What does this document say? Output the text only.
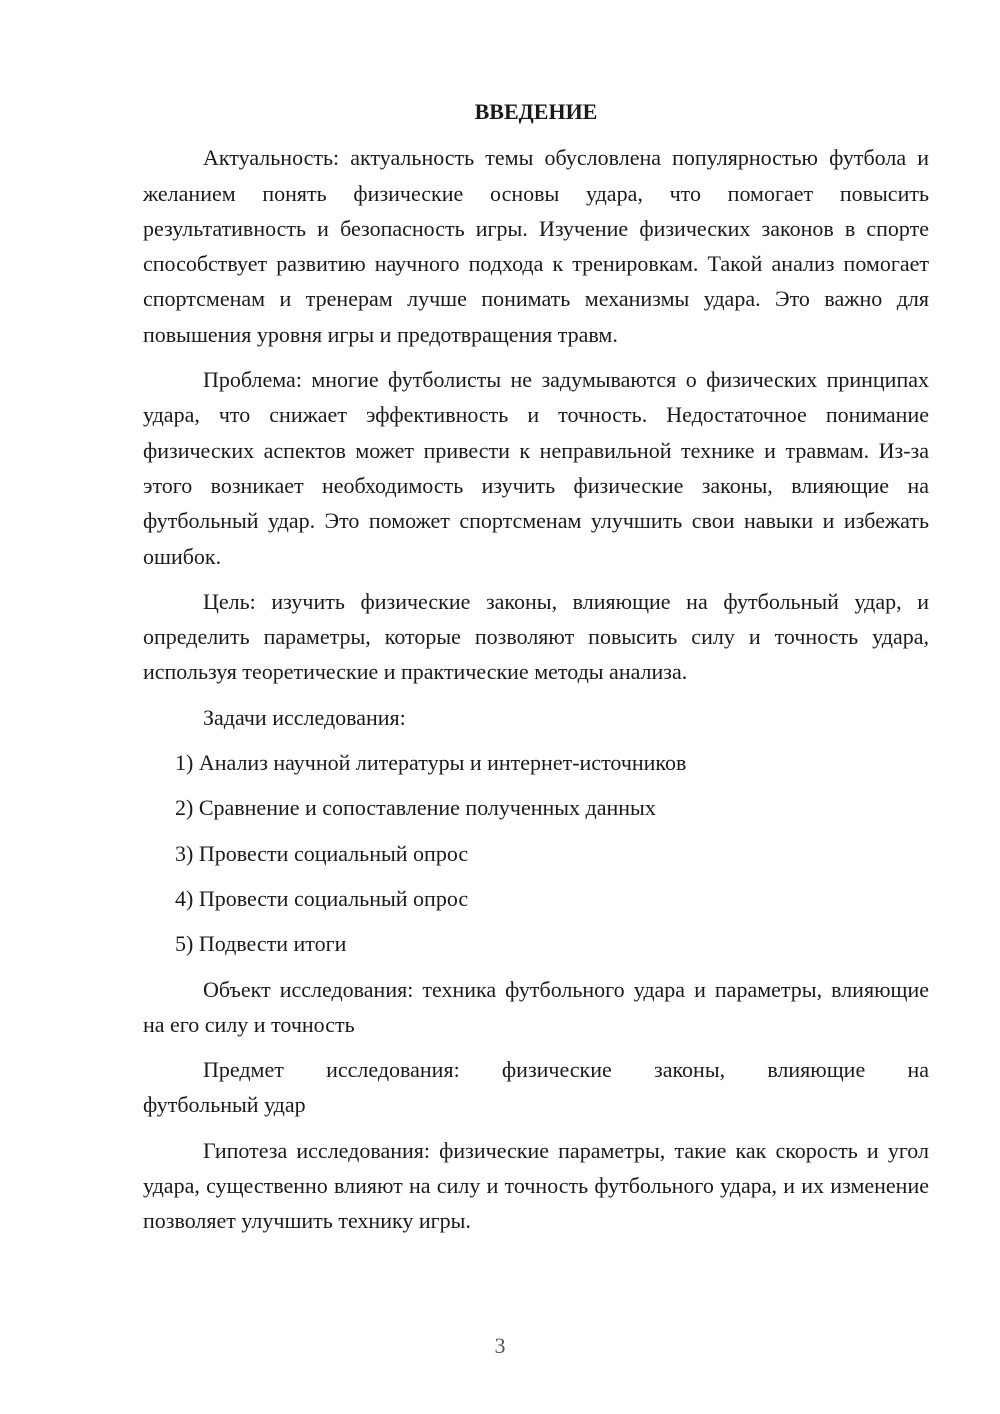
ВВЕДЕНИЕ

Актуальность: актуальность темы обусловлена популярностью футбола и желанием понять физические основы удара, что помогает повысить результативность и безопасность игры. Изучение физических законов в спорте способствует развитию научного подхода к тренировкам. Такой анализ помогает спортсменам и тренерам лучше понимать механизмы удара. Это важно для повышения уровня игры и предотвращения травм.

Проблема: многие футболисты не задумываются о физических принципах удара, что снижает эффективность и точность. Недостаточное понимание физических аспектов может привести к неправильной технике и травмам. Из-за этого возникает необходимость изучить физические законы, влияющие на футбольный удар. Это поможет спортсменам улучшить свои навыки и избежать ошибок.

Цель: изучить физические законы, влияющие на футбольный удар, и определить параметры, которые позволяют повысить силу и точность удара, используя теоретические и практические методы анализа.

Задачи исследования:
1) Анализ научной литературы и интернет-источников
2) Сравнение и сопоставление полученных данных
3) Провести социальный опрос
4) Провести социальный опрос
5) Подвести итоги

Объект исследования: техника футбольного удара и параметры, влияющие на его силу и точность

Предмет исследования: физические законы, влияющие на

футбольный удар

Гипотеза исследования: физические параметры, такие как скорость и угол удара, существенно влияют на силу и точность футбольного удара, и их изменение позволяет улучшить технику игры.

3
